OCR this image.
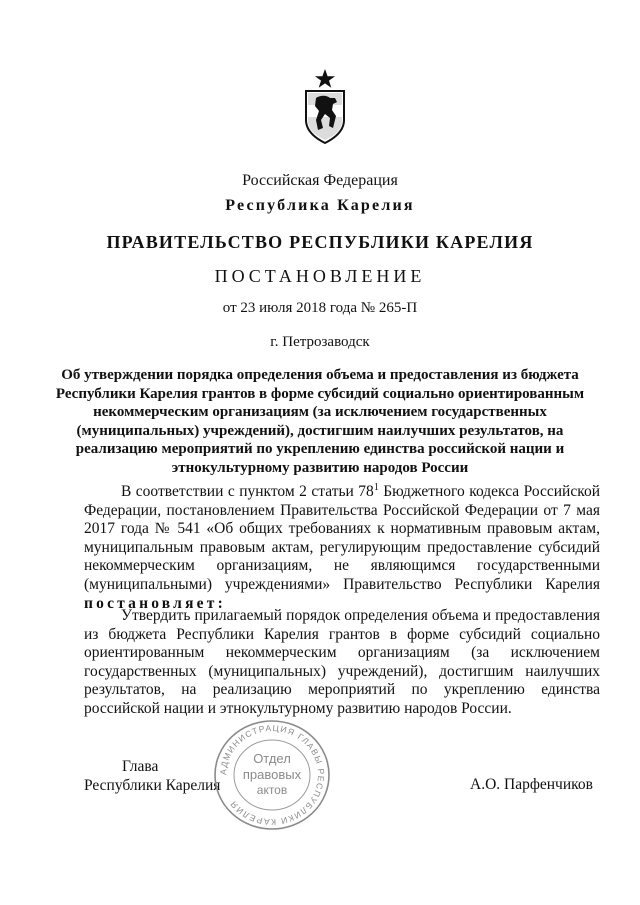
Российская Федерация
Республика Карелия
ПРАВИТЕЛЬСТВО РЕСПУБЛИКИ КАРЕЛИЯ
ПОСТАНОВЛЕНИЕ
от 23 июля 2018 года № 265-П
г. Петрозаводск
Об утверждении порядка определения объема и предоставления из бюджета Республики Карелия грантов в форме субсидий социально ориентированным некоммерческим организациям (за исключением государственных (муниципальных) учреждений), достигшим наилучших результатов, на реализацию мероприятий по укреплению единства российской нации и этнокультурному развитию народов России

В соответствии с пунктом 2 статьи $78^1$ Бюджетного кодекса Российской Федерации, постановлением Правительства Российской Федерации от 7 мая 2017 года № 541 «Об общих требованиях к нормативным правовым актам, муниципальным правовым актам, регулирующим предоставление субсидий некоммерческим организациям, не являющимся государственными (муниципальными) учреждениями» Правительство Республики Карелия постановляет:

Утвердить прилагаемый порядок определения объема и предоставления из бюджета Республики Карелия грантов в форме субсидий социально ориентированным некоммерческим организациям (за исключением государственных (муниципальных) учреждений), достигшим наилучших результатов, на реализацию мероприятий по укреплению единства российской нации и этнокультурному развитию народов России.

Глава
Республики Карелия	А.О. Парфенчиков
АДМИНИСТРАЦИЯ ГЛАВЫ РЕСПУБЛИКИ КАРЕЛИЯ
Отдел
правовых
актов
